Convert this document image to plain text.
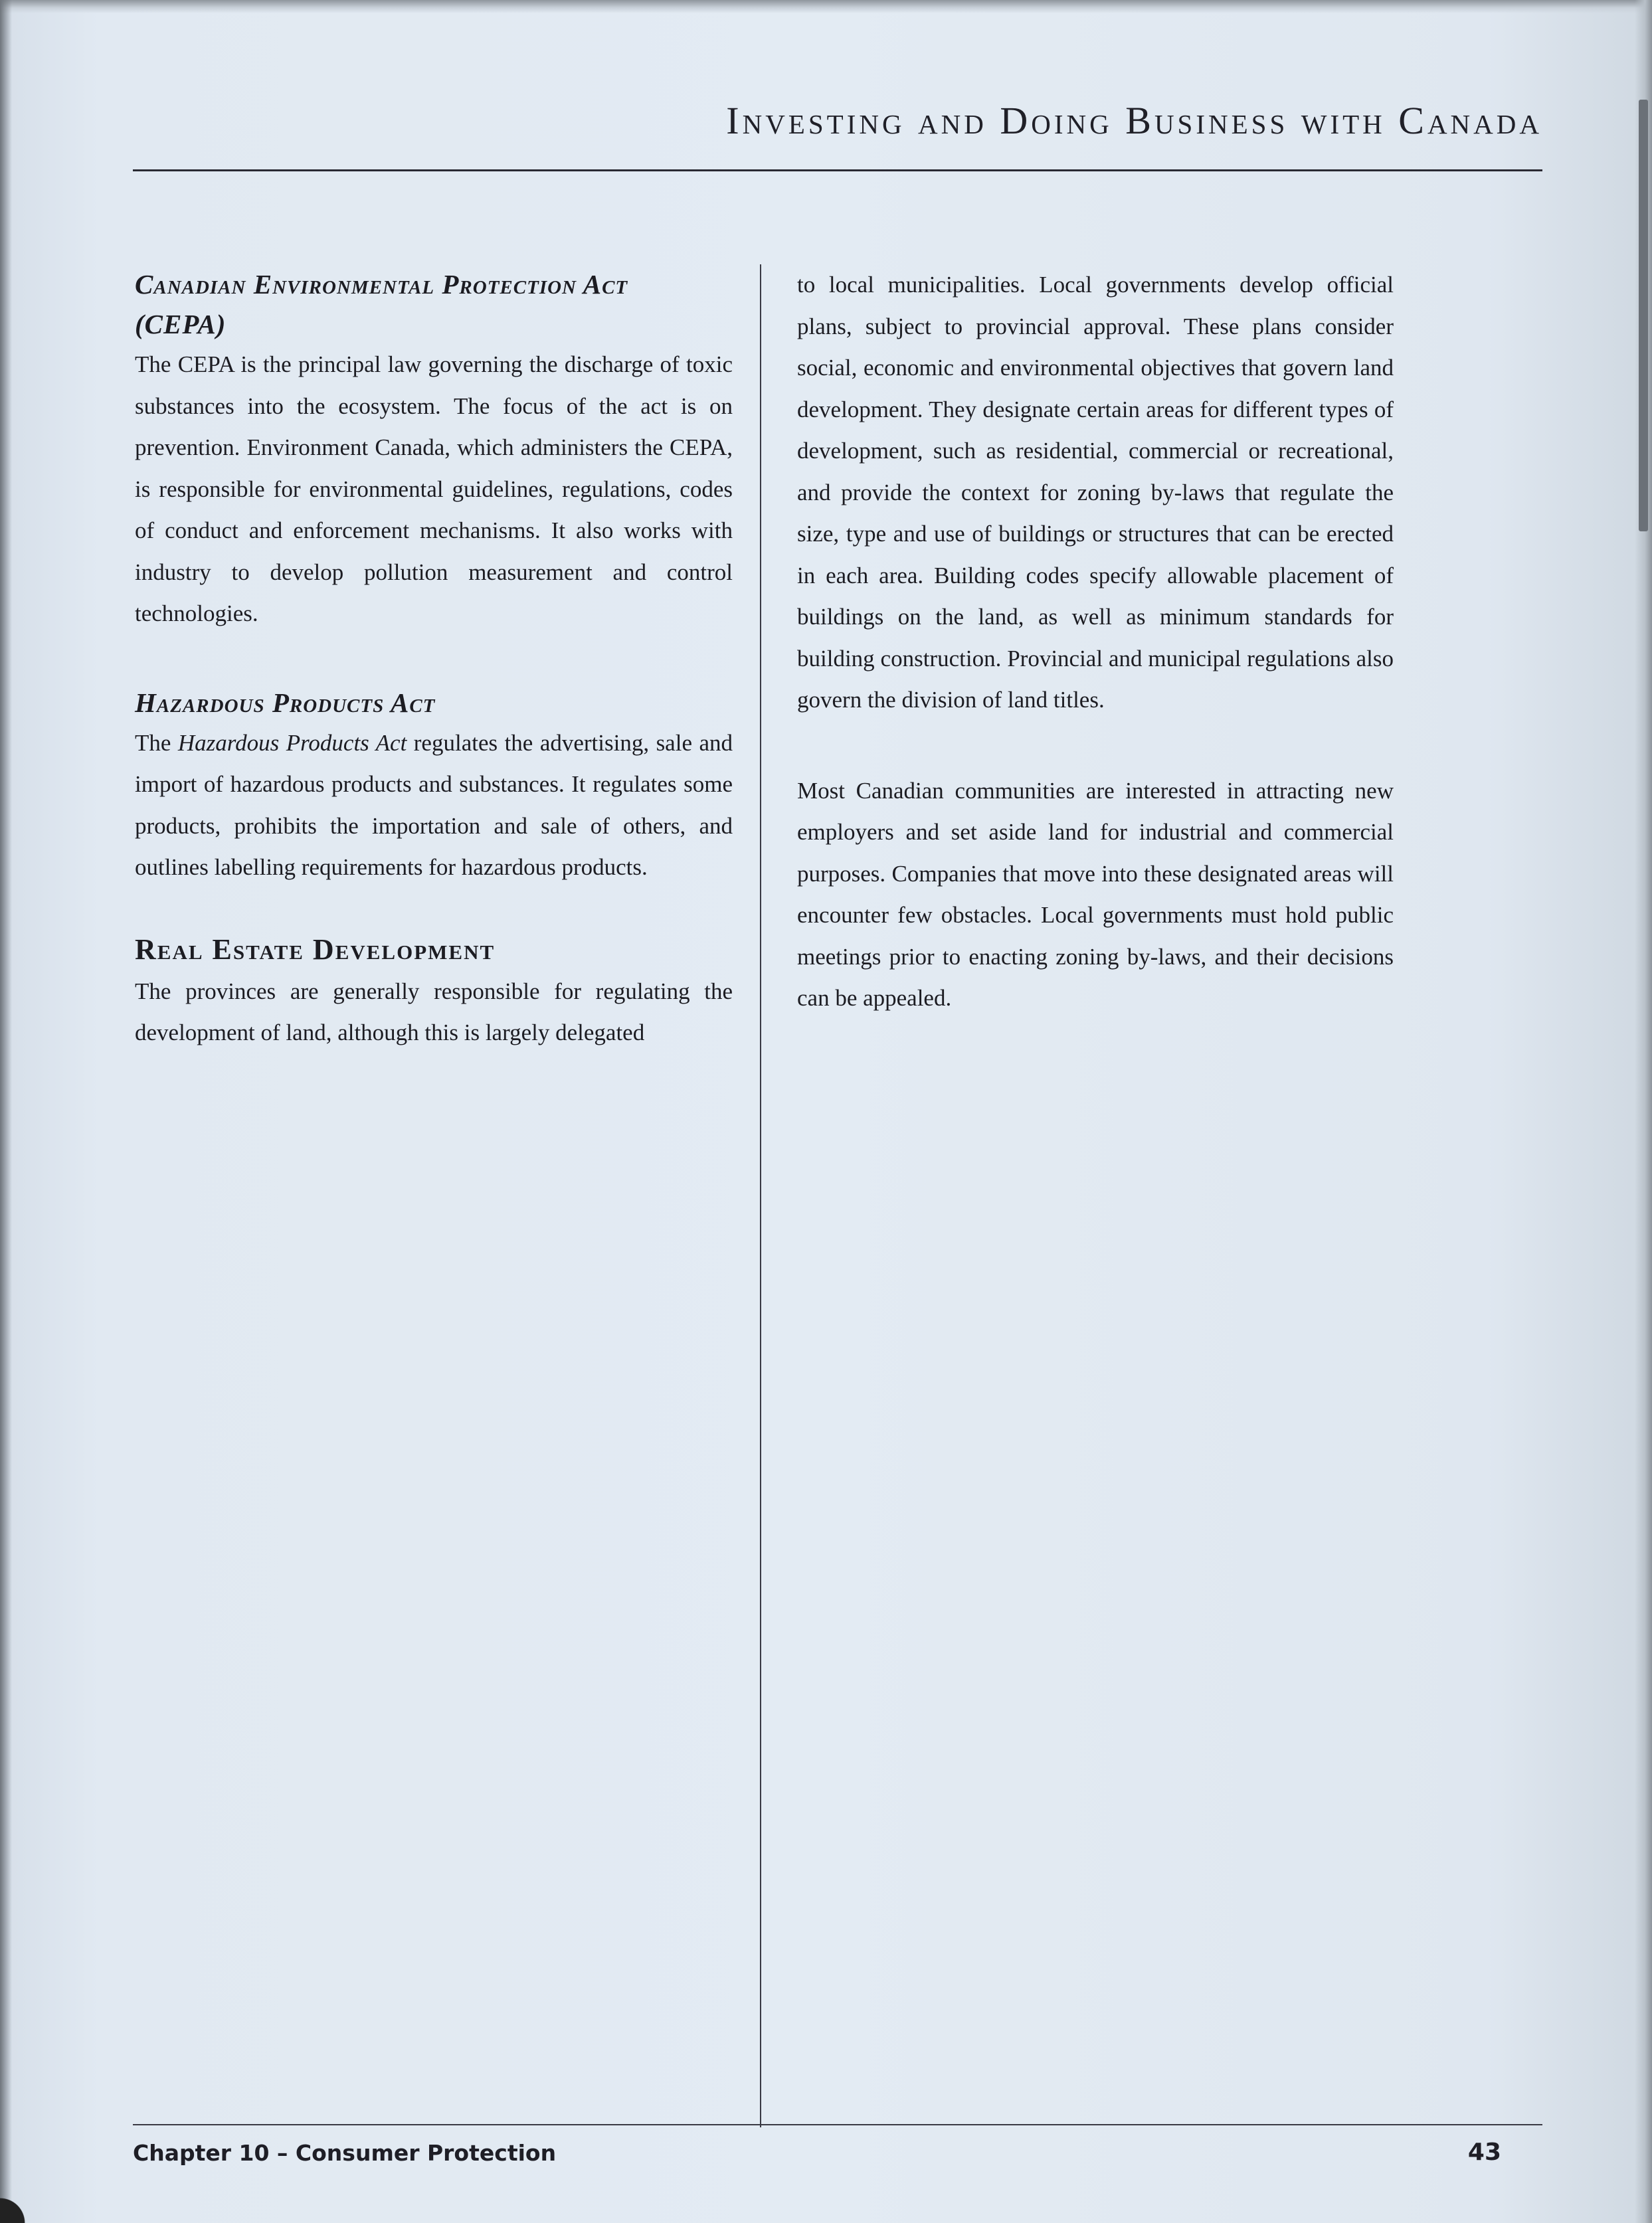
Investing and Doing Business with Canada
Canadian Environmental Protection Act
(CEPA)

The CEPA is the principal law governing the discharge of toxic substances into the ecosystem. The focus of the act is on prevention. Environment Canada, which administers the CEPA, is responsible for environmental guidelines, regulations, codes of conduct and enforcement mechanisms. It also works with industry to develop pollution measurement and control technologies.

Hazardous Products Act

The Hazardous Products Act regulates the advertising, sale and import of hazardous products and substances. It regulates some products, prohibits the importation and sale of others, and outlines labelling requirements for hazardous products.

Real Estate Development

The provinces are generally responsible for regulating the development of land, although this is largely delegated

to local municipalities. Local governments develop official plans, subject to provincial approval. These plans consider social, economic and environmental objectives that govern land development. They designate certain areas for different types of development, such as residential, commercial or recreational, and provide the context for zoning by-laws that regulate the size, type and use of buildings or structures that can be erected in each area. Building codes specify allowable placement of buildings on the land, as well as minimum standards for building construction. Provincial and municipal regulations also govern the division of land titles.

Most Canadian communities are interested in attracting new employers and set aside land for industrial and commercial purposes. Companies that move into these designated areas will encounter few obstacles. Local governments must hold public meetings prior to enacting zoning by-laws, and their decisions can be appealed.

Chapter 10 – Consumer Protection	43
